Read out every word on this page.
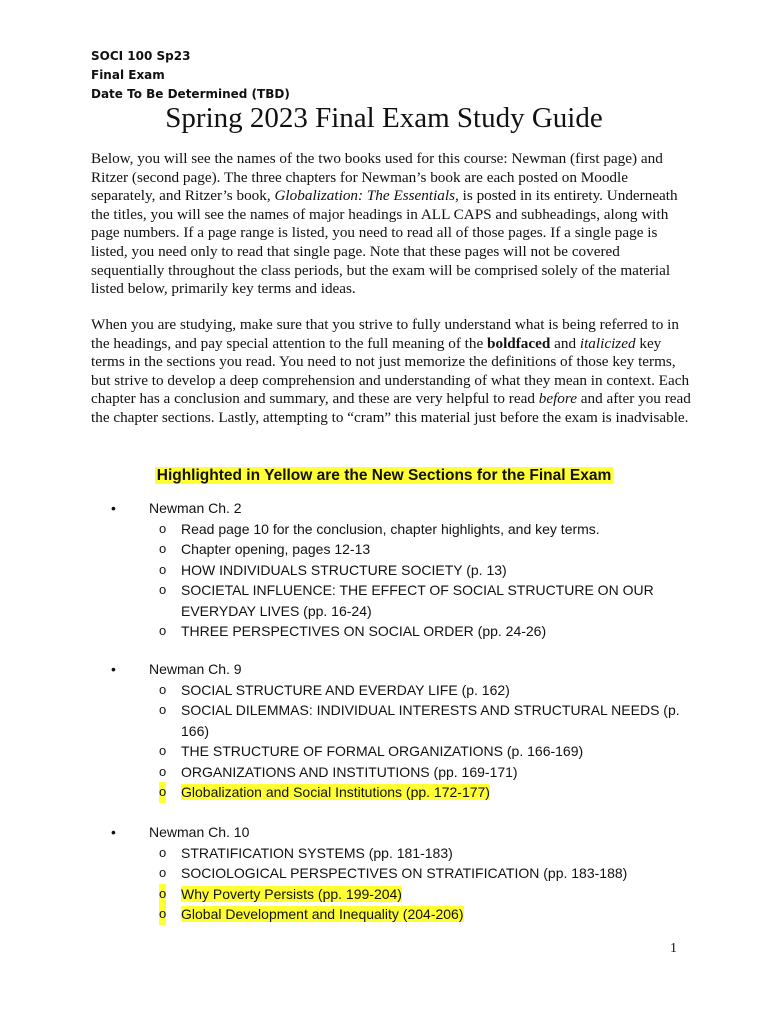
SOCI 100 Sp23
Final Exam
Date To Be Determined (TBD)
Spring 2023 Final Exam Study Guide

Below, you will see the names of the two books used for this course: Newman (first page) and Ritzer (second page). The three chapters for Newman’s book are each posted on Moodle separately, and Ritzer’s book, Globalization: The Essentials, is posted in its entirety. Underneath the titles, you will see the names of major headings in ALL CAPS and subheadings, along with page numbers. If a page range is listed, you need to read all of those pages. If a single page is listed, you need only to read that single page. Note that these pages will not be covered sequentially throughout the class periods, but the exam will be comprised solely of the material listed below, primarily key terms and ideas.

When you are studying, make sure that you strive to fully understand what is being referred to in the headings, and pay special attention to the full meaning of the boldfaced and italicized key terms in the sections you read. You need to not just memorize the definitions of those key terms, but strive to develop a deep comprehension and understanding of what they mean in context. Each chapter has a conclusion and summary, and these are very helpful to read before and after you read the chapter sections. Lastly, attempting to “cram” this material just before the exam is inadvisable.

Highlighted in Yellow are the New Sections for the Final Exam
• Newman Ch. 2
o Read page 10 for the conclusion, chapter highlights, and key terms.
o Chapter opening, pages 12-13
o HOW INDIVIDUALS STRUCTURE SOCIETY (p. 13)
o SOCIETAL INFLUENCE: THE EFFECT OF SOCIAL STRUCTURE ON OUR EVERYDAY LIVES (pp. 16-24)
o THREE PERSPECTIVES ON SOCIAL ORDER (pp. 24-26)
• Newman Ch. 9
o SOCIAL STRUCTURE AND EVERDAY LIFE (p. 162)
o SOCIAL DILEMMAS: INDIVIDUAL INTERESTS AND STRUCTURAL NEEDS (p. 166)
o THE STRUCTURE OF FORMAL ORGANIZATIONS (p. 166-169)
o ORGANIZATIONS AND INSTITUTIONS (pp. 169-171)
o Globalization and Social Institutions (pp. 172-177)
• Newman Ch. 10
o STRATIFICATION SYSTEMS (pp. 181-183)
o SOCIOLOGICAL PERSPECTIVES ON STRATIFICATION (pp. 183-188)
o Why Poverty Persists (pp. 199-204)
o Global Development and Inequality (204-206)
1
